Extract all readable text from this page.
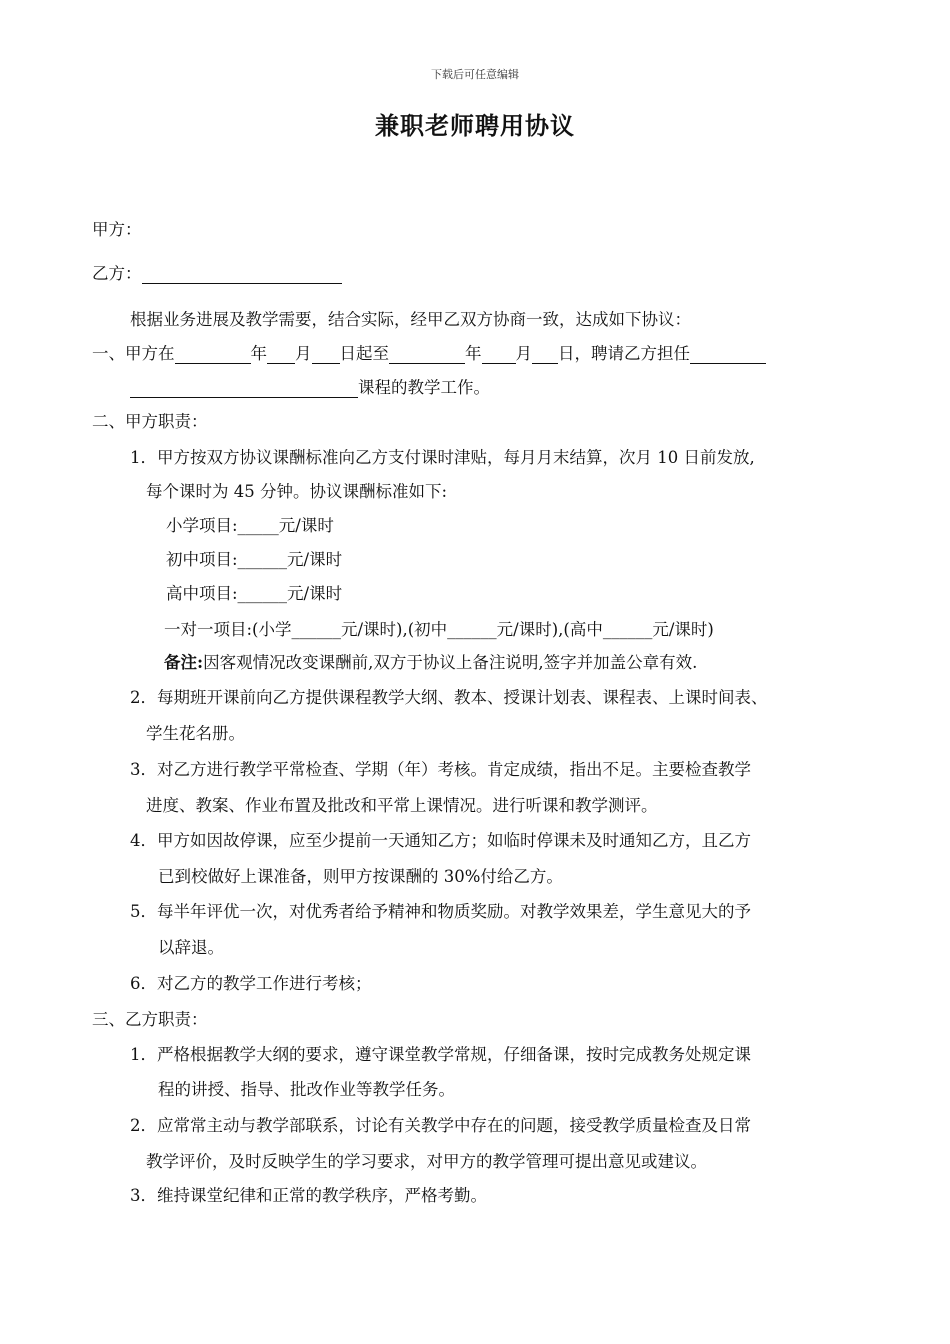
下载后可任意编辑
兼职老师聘用协议
甲方：
乙方：
根据业务进展及教学需要，结合实际，经甲乙双方协商一致，达成如下协议：
一、甲方在	年 月 日起至	年 月 日，聘请乙方担任
课程的教学工作。
二、甲方职责：
1．甲方按双方协议课酬标准向乙方支付课时津贴，每月月末结算，次月 10 日前发放,
每个课时为 45 分钟。协议课酬标准如下:
小学项目:_____元/课时
初中项目:______元/课时
高中项目:______元/课时
一对一项目:(小学______元/课时),(初中______元/课时),(高中______元/课时)
备注:因客观情况改变课酬前,双方于协议上备注说明,签字并加盖公章有效.
2．每期班开课前向乙方提供课程教学大纲、教本、授课计划表、课程表、上课时间表、
学生花名册。
3．对乙方进行教学平常检查、学期（年）考核。肯定成绩，指出不足。主要检查教学
进度、教案、作业布置及批改和平常上课情况。进行听课和教学测评。
4．甲方如因故停课，应至少提前一天通知乙方；如临时停课未及时通知乙方，且乙方
已到校做好上课准备，则甲方按课酬的 30%付给乙方。
5．每半年评优一次，对优秀者给予精神和物质奖励。对教学效果差，学生意见大的予
以辞退。
6．对乙方的教学工作进行考核；
三、乙方职责：
1．严格根据教学大纲的要求，遵守课堂教学常规，仔细备课，按时完成教务处规定课
程的讲授、指导、批改作业等教学任务。
2．应常常主动与教学部联系，讨论有关教学中存在的问题，接受教学质量检查及日常
教学评价，及时反映学生的学习要求，对甲方的教学管理可提出意见或建议。
3．维持课堂纪律和正常的教学秩序，严格考勤。
